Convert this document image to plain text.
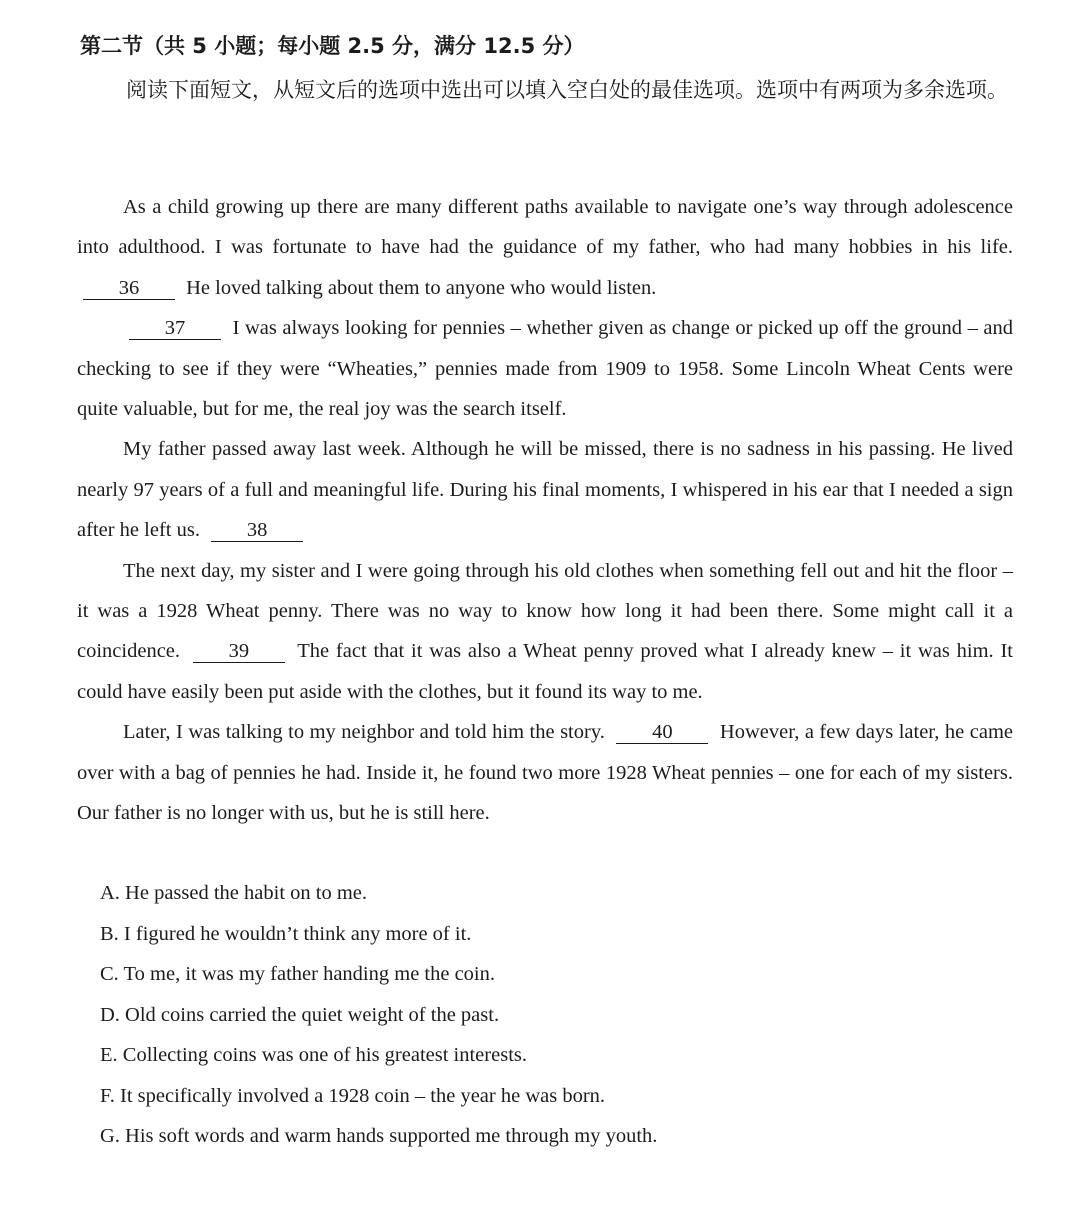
第二节（共 5 小题；每小题 2.5 分，满分 12.5 分）
阅读下面短文，从短文后的选项中选出可以填入空白处的最佳选项。选项中有两项为多余选项。

As a child growing up there are many different paths available to navigate one’s way through adolescence into adulthood. I was fortunate to have had the guidance of my father, who had many hobbies in his life. 36 He loved talking about them to anyone who would listen.

37 I was always looking for pennies – whether given as change or picked up off the ground – and checking to see if they were “Wheaties,” pennies made from 1909 to 1958. Some Lincoln Wheat Cents were quite valuable, but for me, the real joy was the search itself.

My father passed away last week. Although he will be missed, there is no sadness in his passing. He lived nearly 97 years of a full and meaningful life. During his final moments, I whispered in his ear that I needed a sign after he left us. 38

The next day, my sister and I were going through his old clothes when something fell out and hit the floor – it was a 1928 Wheat penny. There was no way to know how long it had been there. Some might call it a coincidence. 39 The fact that it was also a Wheat penny proved what I already knew – it was him. It could have easily been put aside with the clothes, but it found its way to me.

Later, I was talking to my neighbor and told him the story. 40 However, a few days later, he came over with a bag of pennies he had. Inside it, he found two more 1928 Wheat pennies – one for each of my sisters. Our father is no longer with us, but he is still here.

A. He passed the habit on to me.
B. I figured he wouldn’t think any more of it.
C. To me, it was my father handing me the coin.
D. Old coins carried the quiet weight of the past.
E. Collecting coins was one of his greatest interests.
F. It specifically involved a 1928 coin – the year he was born.
G. His soft words and warm hands supported me through my youth.
